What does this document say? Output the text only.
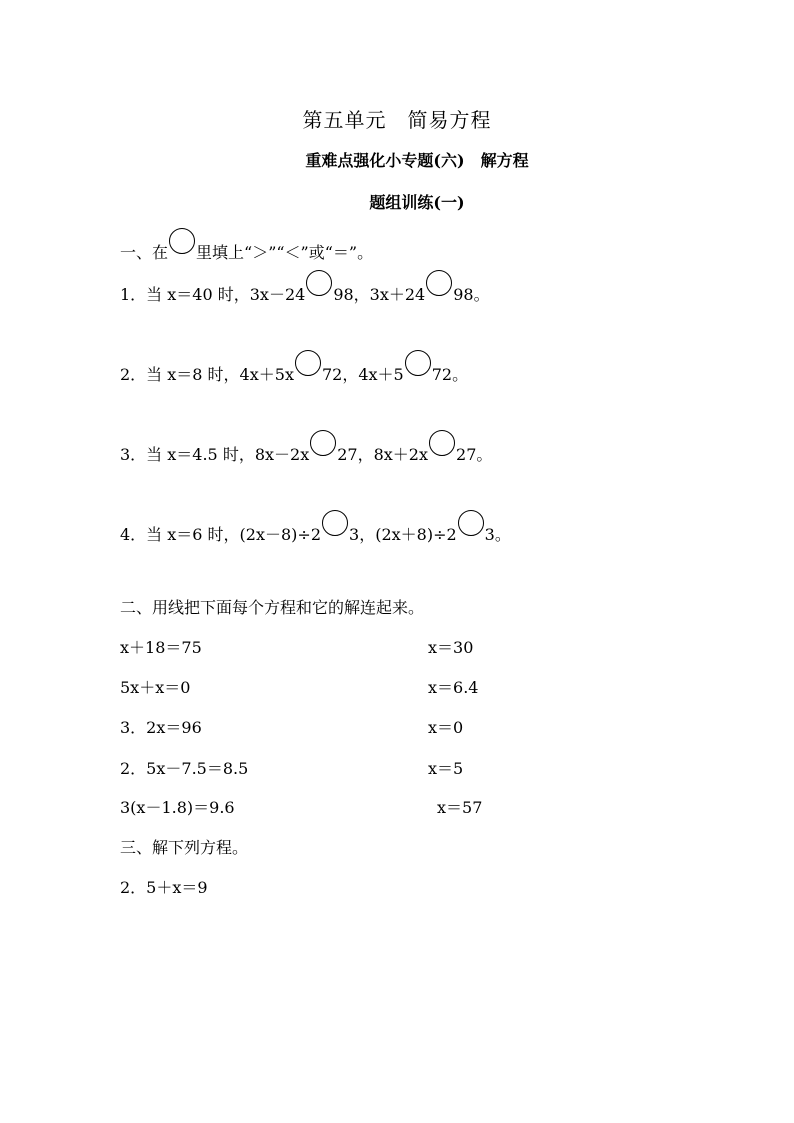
第五单元　简易方程
重难点强化小专题(六)　解方程
题组训练(一)
一、在 里填上“＞”“＜”或“＝”。
1．当 x＝40 时，3x－24 98，3x＋24 98。
2．当 x＝8 时，4x＋5x 72，4x＋5 72。
3．当 x＝4.5 时，8x－2x 27，8x＋2x 27。
4．当 x＝6 时，(2x－8)÷2 3，(2x＋8)÷2 3。
二、用线把下面每个方程和它的解连起来。
x＋18＝75
5x＋x＝0
3．2x＝96
2．5x－7.5＝8.5
3(x－1.8)＝9.6
x＝30
x＝6.4
x＝0
x＝5
x＝57
三、解下列方程。
2．5＋x＝9
